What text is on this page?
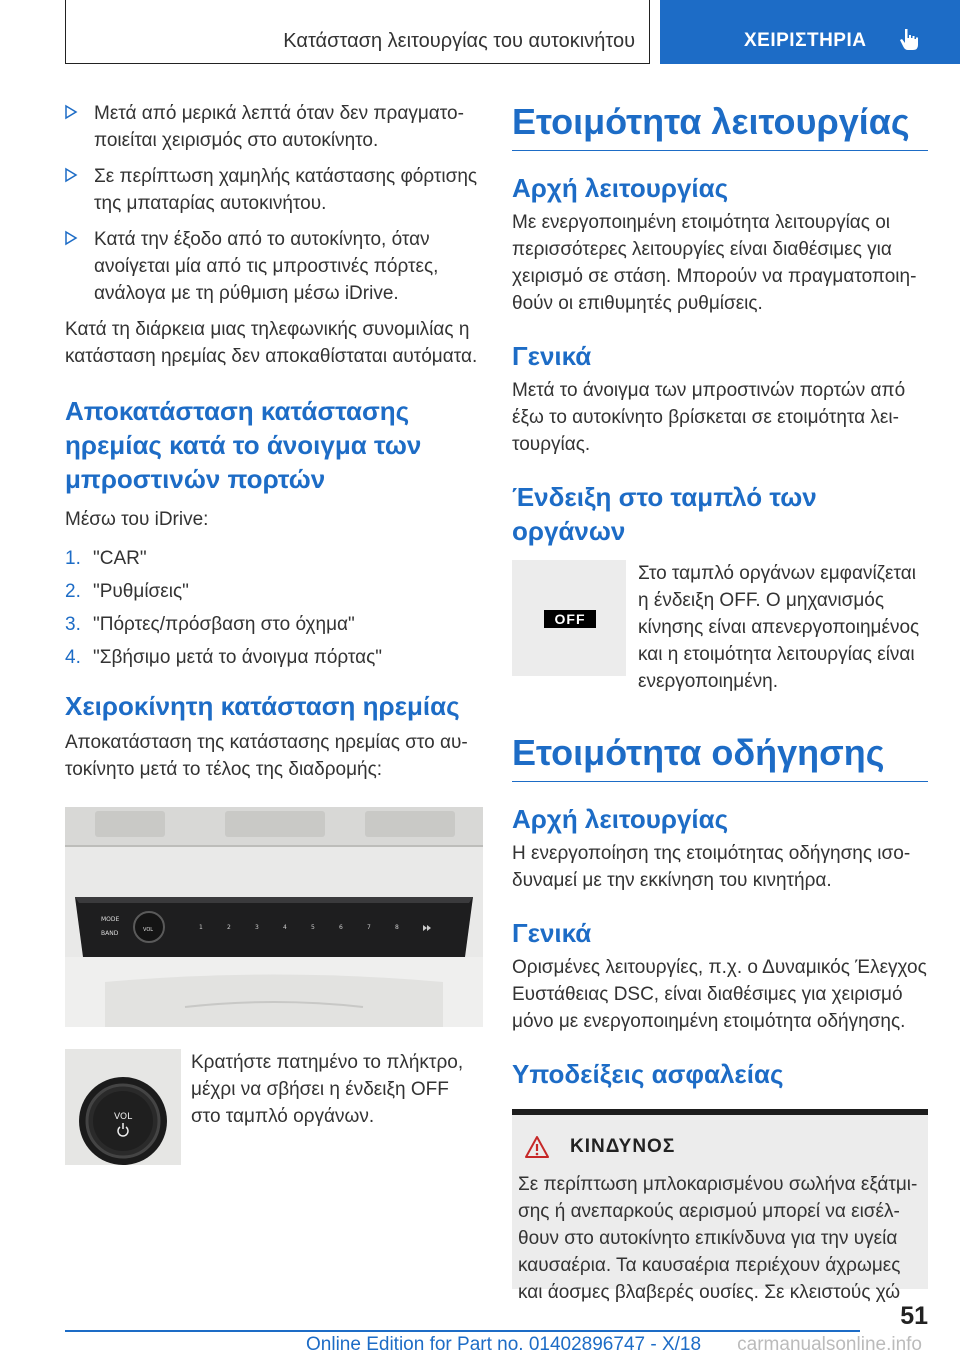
Κατάσταση λειτουργίας του αυτοκινήτου	ΧΕΙΡΙΣΤΗΡΙΑ
Μετά από μερικά λεπτά όταν δεν πραγματοποιείται χειρισμός στο αυτοκίνητο.
Σε περίπτωση χαμηλής κατάστασης φόρτισης της μπαταρίας αυτοκινήτου.
Κατά την έξοδο από το αυτοκίνητο, όταν ανοίγεται μία από τις μπροστινές πόρτες, ανάλογα με τη ρύθμιση μέσω iDrive.

Κατά τη διάρκεια μιας τηλεφωνικής συνομιλίας η κατάσταση ηρεμίας δεν αποκαθίσταται αυτόματα.

Αποκατάσταση κατάστασης ηρεμίας κατά το άνοιγμα των μπροστινών πορτών

Μέσω του iDrive:

1. "CAR"
2. "Ρυθμίσεις"
3. "Πόρτες/πρόσβαση στο όχημα"
4. "Σβήσιμο μετά το άνοιγμα πόρτας"
Χειροκίνητη κατάσταση ηρεμίας

Αποκατάσταση της κατάστασης ηρεμίας στο αυτοκίνητο μετά το τέλος της διαδρομής:

MODE
BAND	VOL	1	2	3	4	5	6	7	8
VOL

Κρατήστε πατημένο το πλήκτρο, μέχρι να σβήσει η ένδειξη OFF στο ταμπλό οργάνων.

Ετοιμότητα λειτουργίας
Αρχή λειτουργίας

Με ενεργοποιημένη ετοιμότητα λειτουργίας οι περισσότερες λειτουργίες είναι διαθέσιμες για χειρισμό σε στάση. Μπορούν να πραγματοποιηθούν οι επιθυμητές ρυθμίσεις.

Γενικά

Μετά το άνοιγμα των μπροστινών πορτών από έξω το αυτοκίνητο βρίσκεται σε ετοιμότητα λειτουργίας.

Ένδειξη στο ταμπλό των οργάνων
OFF

Στο ταμπλό οργάνων εμφανίζεται η ένδειξη OFF. Ο μηχανισμός κίνησης είναι απενεργοποιημένος και η ετοιμότητα λειτουργίας είναι ενεργοποιημένη.

Ετοιμότητα οδήγησης
Αρχή λειτουργίας

Η ενεργοποίηση της ετοιμότητας οδήγησης ισοδυναμεί με την εκκίνηση του κινητήρα.

Γενικά

Ορισμένες λειτουργίες, π.χ. ο Δυναμικός Έλεγχος Ευστάθειας DSC, είναι διαθέσιμες για χειρισμό μόνο με ενεργοποιημένη ετοιμότητα οδήγησης.

Υποδείξεις ασφαλείας
ΚΙΝΔΥΝΟΣ

Σε περίπτωση μπλοκαρισμένου σωλήνα εξάτμισης ή ανεπαρκούς αερισμού μπορεί να εισέλθουν στο αυτοκίνητο επικίνδυνα για την υγεία καυσαέρια. Τα καυσαέρια περιέχουν άχρωμες και άοσμες βλαβερές ουσίες. Σε κλειστούς χώ

51
Online Edition for Part no. 01402896747 - X/18 carmanualsonline.info
